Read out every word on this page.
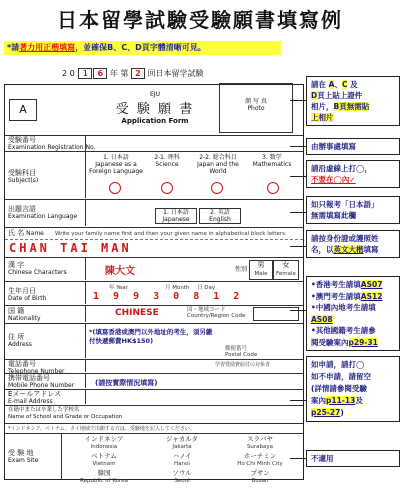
日本留學試驗受驗願書填寫例
*請著力用正楷填寫，並確保B、C、D頁字體清晰可見。
2 0 1 6 年 第 2 回日本留学試験
A
EJU
受 験 願 書
Application Form
顔 写 真
Photo
受験番号
Examination Registration No.
受験科目
Subject(s)
1. 日本語
Japanese as a Foreign Language
2-1. 理科
Science
2-2. 総合科目
Japan and the World
3. 数学
Mathematics
出題言語
Examination Language
1. 日本語
Japanese
2. 英語
English
氏 名 Name Write your family name first and then your given name in alphabetical block letters.
CHAN TAI MAN
漢 字
Chinese Characters	陳大文	性別
男
Male
女
Female
生年月日
Date of Birth
年 Year	月 Month 日 Day
1 9 9 3 0 8 1 2
国 籍
Nationality
CHINESE	国・地域コード
Country/Region Code
住 所
Address
*(填寫香港或澳門以外地址的考生，須另繳付快遞郵費HK$150)
郵便番号
Postal Code
電話番号
Telephone Number
携帯電話番号
Mobile Phone Number	(請按實際情況填寫)
Eメールアドレス
E-mail Address
学習奨励費給付の対象者
在籍中または卒業した学校名
Name of School and Grade or Occupation
*インドネシア、ベトナム、タイ地域で出願する方は、受験地を記入してください。
受 験 地
Exam Site
インドネシア
Indonesia
ジャカルタ
Jakarta
スラバヤ
Surabaya
ベトナム
Vietnam
ハノイ
Hanoi
ホーチミン
Ho Chi Minh City
韓国
Republic of Korea
ソウル
Seoul
プサン
Busan
請在 A、C 及
D頁上貼上證件
相片，B頁無需貼
上相片
由辦事處填寫
請沿虛線上打◯，
不要在◯內✓
如只報考「日本語」
無需填寫此欄
請按身份證或護照姓
名，以英文大楷填寫
•香港考生請填AS07
•澳門考生請填AS12
•中國內地考生請填
AS08
•其他國籍考生請參
閱受驗案內p29-31
如申請，請打◯
如不申請，請留空
(詳情請參閱受驗
案內p11-13及
p25-27)
不適用
